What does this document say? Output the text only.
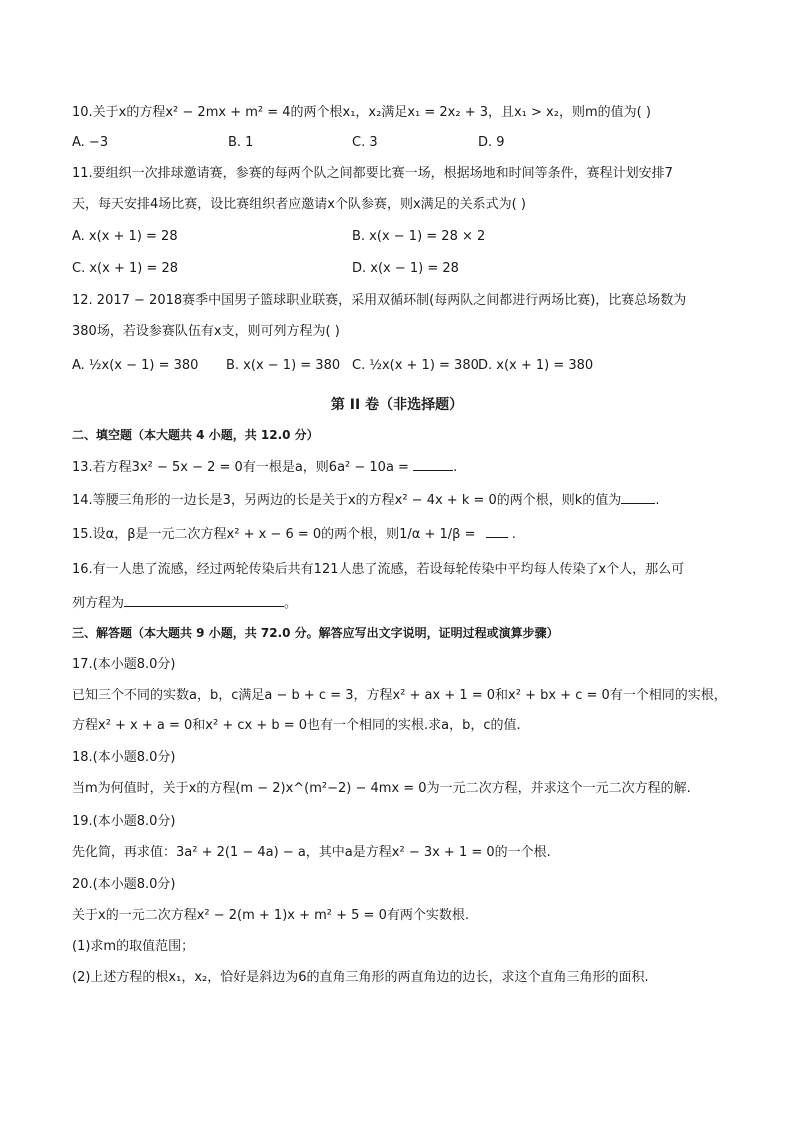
10.关于x的方程x² − 2mx + m² = 4的两个根x₁，x₂满足x₁ = 2x₂ + 3，且x₁ > x₂，则m的值为( )
A. −3	B. 1	C. 3	D. 9
11.要组织一次排球邀请赛，参赛的每两个队之间都要比赛一场，根据场地和时间等条件，赛程计划安排7
天，每天安排4场比赛，设比赛组织者应邀请x个队参赛，则x满足的关系式为( )
A. x(x + 1) = 28	B. x(x − 1) = 28 × 2
C. x(x + 1) = 28	D. x(x − 1) = 28
12. 2017 − 2018赛季中国男子篮球职业联赛，采用双循环制(每两队之间都进行两场比赛)，比赛总场数为
380场，若设参赛队伍有x支，则可列方程为( )
A. ½x(x − 1) = 380 B. x(x − 1) = 380 C. ½x(x + 1) = 380 D. x(x + 1) = 380
第 II 卷（非选择题）
二、填空题（本大题共 4 小题，共 12.0 分）
13.若方程3x² − 5x − 2 = 0有一根是a，则6a² − 10a =	.
14.等腰三角形的一边长是3，另两边的长是关于x的方程x² − 4x + k = 0的两个根，则k的值为	.
15.设α，β是一元二次方程x² + x − 6 = 0的两个根，则1/α + 1/β =  .
16.有一人患了流感，经过两轮传染后共有121人患了流感，若设每轮传染中平均每人传染了x个人，那么可
列方程为	。
三、解答题（本大题共 9 小题，共 72.0 分。解答应写出文字说明，证明过程或演算步骤）
17.(本小题8.0分)
已知三个不同的实数a，b，c满足a − b + c = 3，方程x² + ax + 1 = 0和x² + bx + c = 0有一个相同的实根，
方程x² + x + a = 0和x² + cx + b = 0也有一个相同的实根.求a，b，c的值.
18.(本小题8.0分)
当m为何值时，关于x的方程(m − 2)x^(m²−2) − 4mx = 0为一元二次方程，并求这个一元二次方程的解.
19.(本小题8.0分)
先化简，再求值：3a² + 2(1 − 4a) − a，其中a是方程x² − 3x + 1 = 0的一个根.
20.(本小题8.0分)
关于x的一元二次方程x² − 2(m + 1)x + m² + 5 = 0有两个实数根.
(1)求m的取值范围；
(2)上述方程的根x₁，x₂，恰好是斜边为6的直角三角形的两直角边的边长，求这个直角三角形的面积.
